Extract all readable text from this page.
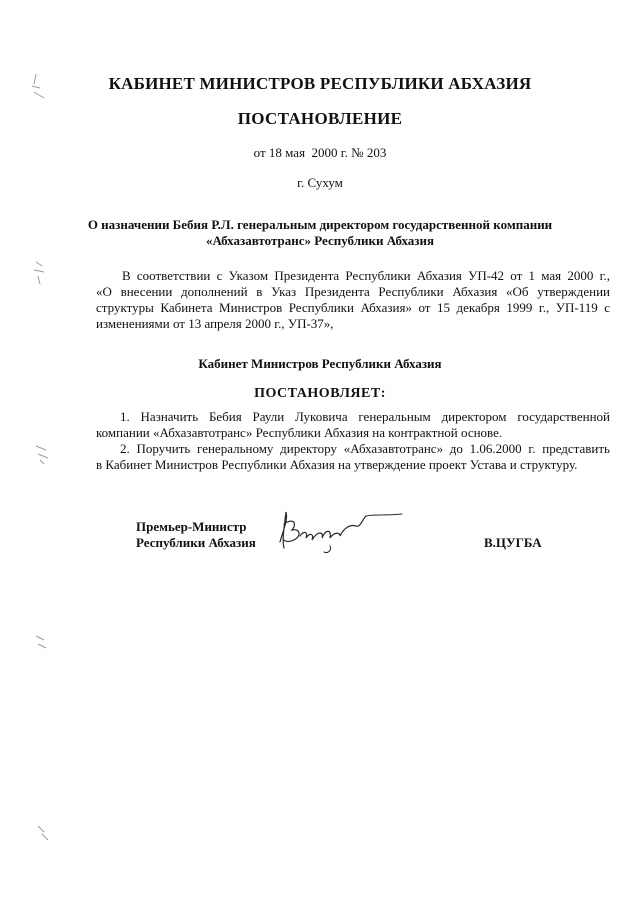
КАБИНЕТ МИНИСТРОВ РЕСПУБЛИКИ АБХАЗИЯ
ПОСТАНОВЛЕНИЕ
от 18 мая  2000 г. № 203
г. Сухум
О назначении Бебия Р.Л. генеральным директором государственной компании
«Абхазавтотранс» Республики Абхазия
В соответствии с Указом Президента Республики Абхазия УП-42 от 1 мая 2000 г.,
«О внесении дополнений в Указ Президента Республики Абхазия «Об утверждении
структуры Кабинета Министров Республики Абхазия» от 15 декабря 1999 г., УП-119 с
изменениями от 13 апреля 2000 г., УП-37»,
Кабинет Министров Республики Абхазия
ПОСТАНОВЛЯЕТ:
1. Назначить Бебия Раули Луковича генеральным директором государственной
компании «Абхазавтотранс» Республики Абхазия на контрактной основе.
2. Поручить генеральному директору «Абхазавтотранс» до 1.06.2000 г. представить
в Кабинет Министров Республики Абхазия на утверждение проект Устава и структуру.
Премьер-Министр
Республики Абхазия	В.ЦУГБА
